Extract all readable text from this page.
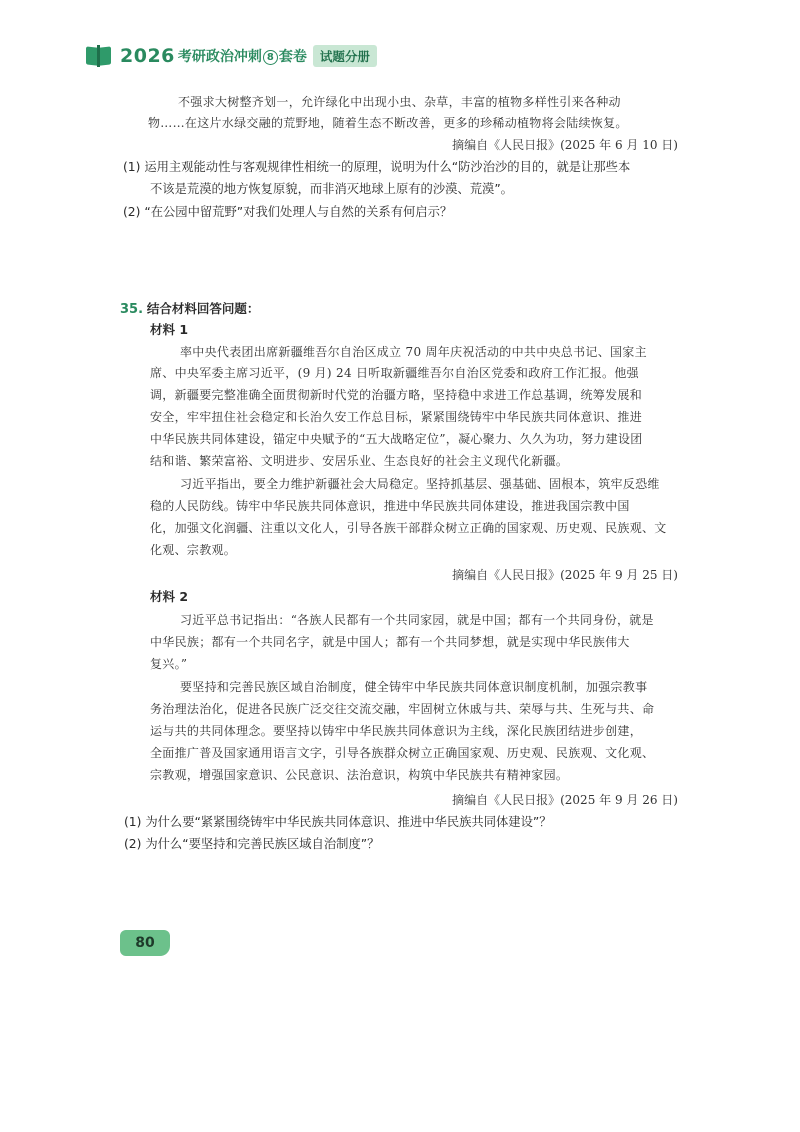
2026 考研政治冲刺 8 套卷	试题分册
不强求大树整齐划一，允许绿化中出现小虫、杂草，丰富的植物多样性引来各种动
物……在这片水绿交融的荒野地，随着生态不断改善，更多的珍稀动植物将会陆续恢复。
摘编自《人民日报》(2025 年 6 月 10 日)
(1) 运用主观能动性与客观规律性相统一的原理，说明为什么“防沙治沙的目的，就是让那些本
不该是荒漠的地方恢复原貌，而非消灭地球上原有的沙漠、荒漠”。
(2) “在公园中留荒野”对我们处理人与自然的关系有何启示？
35. 结合材料回答问题：
材料 1
率中央代表团出席新疆维吾尔自治区成立 70 周年庆祝活动的中共中央总书记、国家主
席、中央军委主席习近平，(9 月) 24 日听取新疆维吾尔自治区党委和政府工作汇报。他强
调，新疆要完整准确全面贯彻新时代党的治疆方略，坚持稳中求进工作总基调，统筹发展和
安全，牢牢扭住社会稳定和长治久安工作总目标，紧紧围绕铸牢中华民族共同体意识、推进
中华民族共同体建设，锚定中央赋予的“五大战略定位”，凝心聚力、久久为功，努力建设团
结和谐、繁荣富裕、文明进步、安居乐业、生态良好的社会主义现代化新疆。
习近平指出，要全力维护新疆社会大局稳定。坚持抓基层、强基础、固根本，筑牢反恐维
稳的人民防线。铸牢中华民族共同体意识，推进中华民族共同体建设，推进我国宗教中国
化，加强文化润疆、注重以文化人，引导各族干部群众树立正确的国家观、历史观、民族观、文
化观、宗教观。
摘编自《人民日报》(2025 年 9 月 25 日)
材料 2
习近平总书记指出：“各族人民都有一个共同家园，就是中国；都有一个共同身份，就是
中华民族；都有一个共同名字，就是中国人；都有一个共同梦想，就是实现中华民族伟大
复兴。”
要坚持和完善民族区域自治制度，健全铸牢中华民族共同体意识制度机制，加强宗教事
务治理法治化，促进各民族广泛交往交流交融，牢固树立休戚与共、荣辱与共、生死与共、命
运与共的共同体理念。要坚持以铸牢中华民族共同体意识为主线，深化民族团结进步创建，
全面推广普及国家通用语言文字，引导各族群众树立正确国家观、历史观、民族观、文化观、
宗教观，增强国家意识、公民意识、法治意识，构筑中华民族共有精神家园。
摘编自《人民日报》(2025 年 9 月 26 日)
(1) 为什么要“紧紧围绕铸牢中华民族共同体意识、推进中华民族共同体建设”？
(2) 为什么“要坚持和完善民族区域自治制度”？
80
